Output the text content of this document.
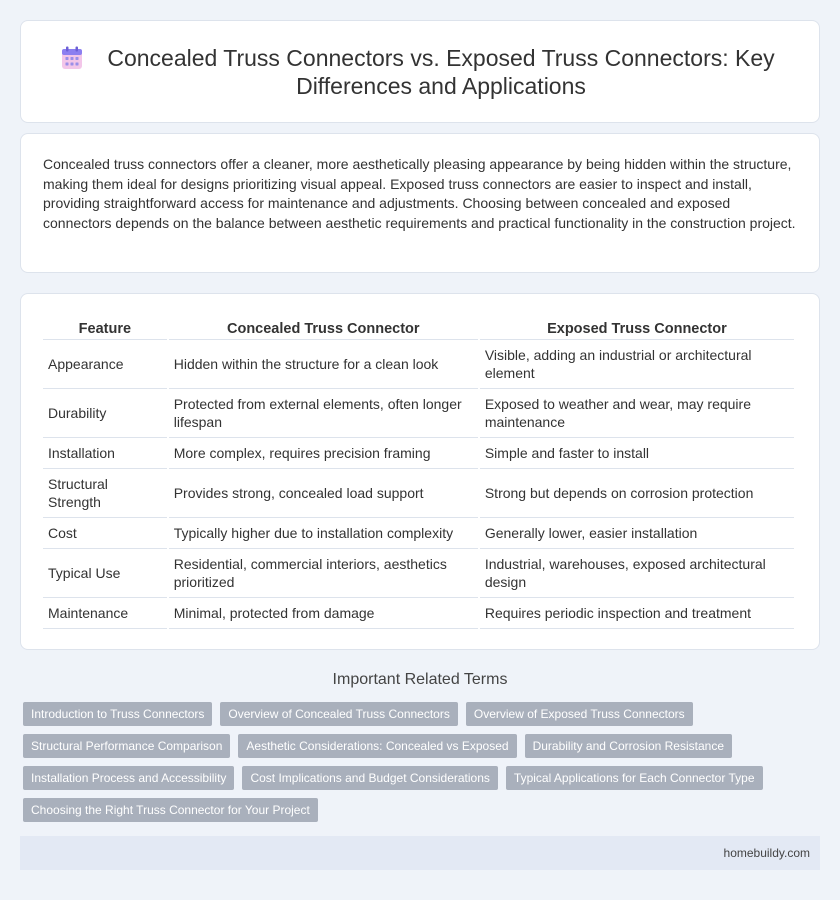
Concealed Truss Connectors vs. Exposed Truss Connectors: Key Differences and Applications

Concealed truss connectors offer a cleaner, more aesthetically pleasing appearance by being hidden within the structure, making them ideal for designs prioritizing visual appeal. Exposed truss connectors are easier to inspect and install, providing straightforward access for maintenance and adjustments. Choosing between concealed and exposed connectors depends on the balance between aesthetic requirements and practical functionality in the construction project.

Feature	Concealed Truss Connector	Exposed Truss Connector
Appearance	Hidden within the structure for a clean look	Visible, adding an industrial or architectural element
Durability	Protected from external elements, often longer lifespan	Exposed to weather and wear, may require maintenance
Installation	More complex, requires precision framing	Simple and faster to install
Structural Strength	Provides strong, concealed load support	Strong but depends on corrosion protection
Cost	Typically higher due to installation complexity	Generally lower, easier installation
Typical Use	Residential, commercial interiors, aesthetics prioritized	Industrial, warehouses, exposed architectural design
Maintenance	Minimal, protected from damage	Requires periodic inspection and treatment
Important Related Terms
Introduction to Truss Connectors	Overview of Concealed Truss Connectors	Overview of Exposed Truss Connectors
Structural Performance Comparison	Aesthetic Considerations: Concealed vs Exposed	Durability and Corrosion Resistance
Installation Process and Accessibility	Cost Implications and Budget Considerations	Typical Applications for Each Connector Type
Choosing the Right Truss Connector for Your Project
homebuildy.com
